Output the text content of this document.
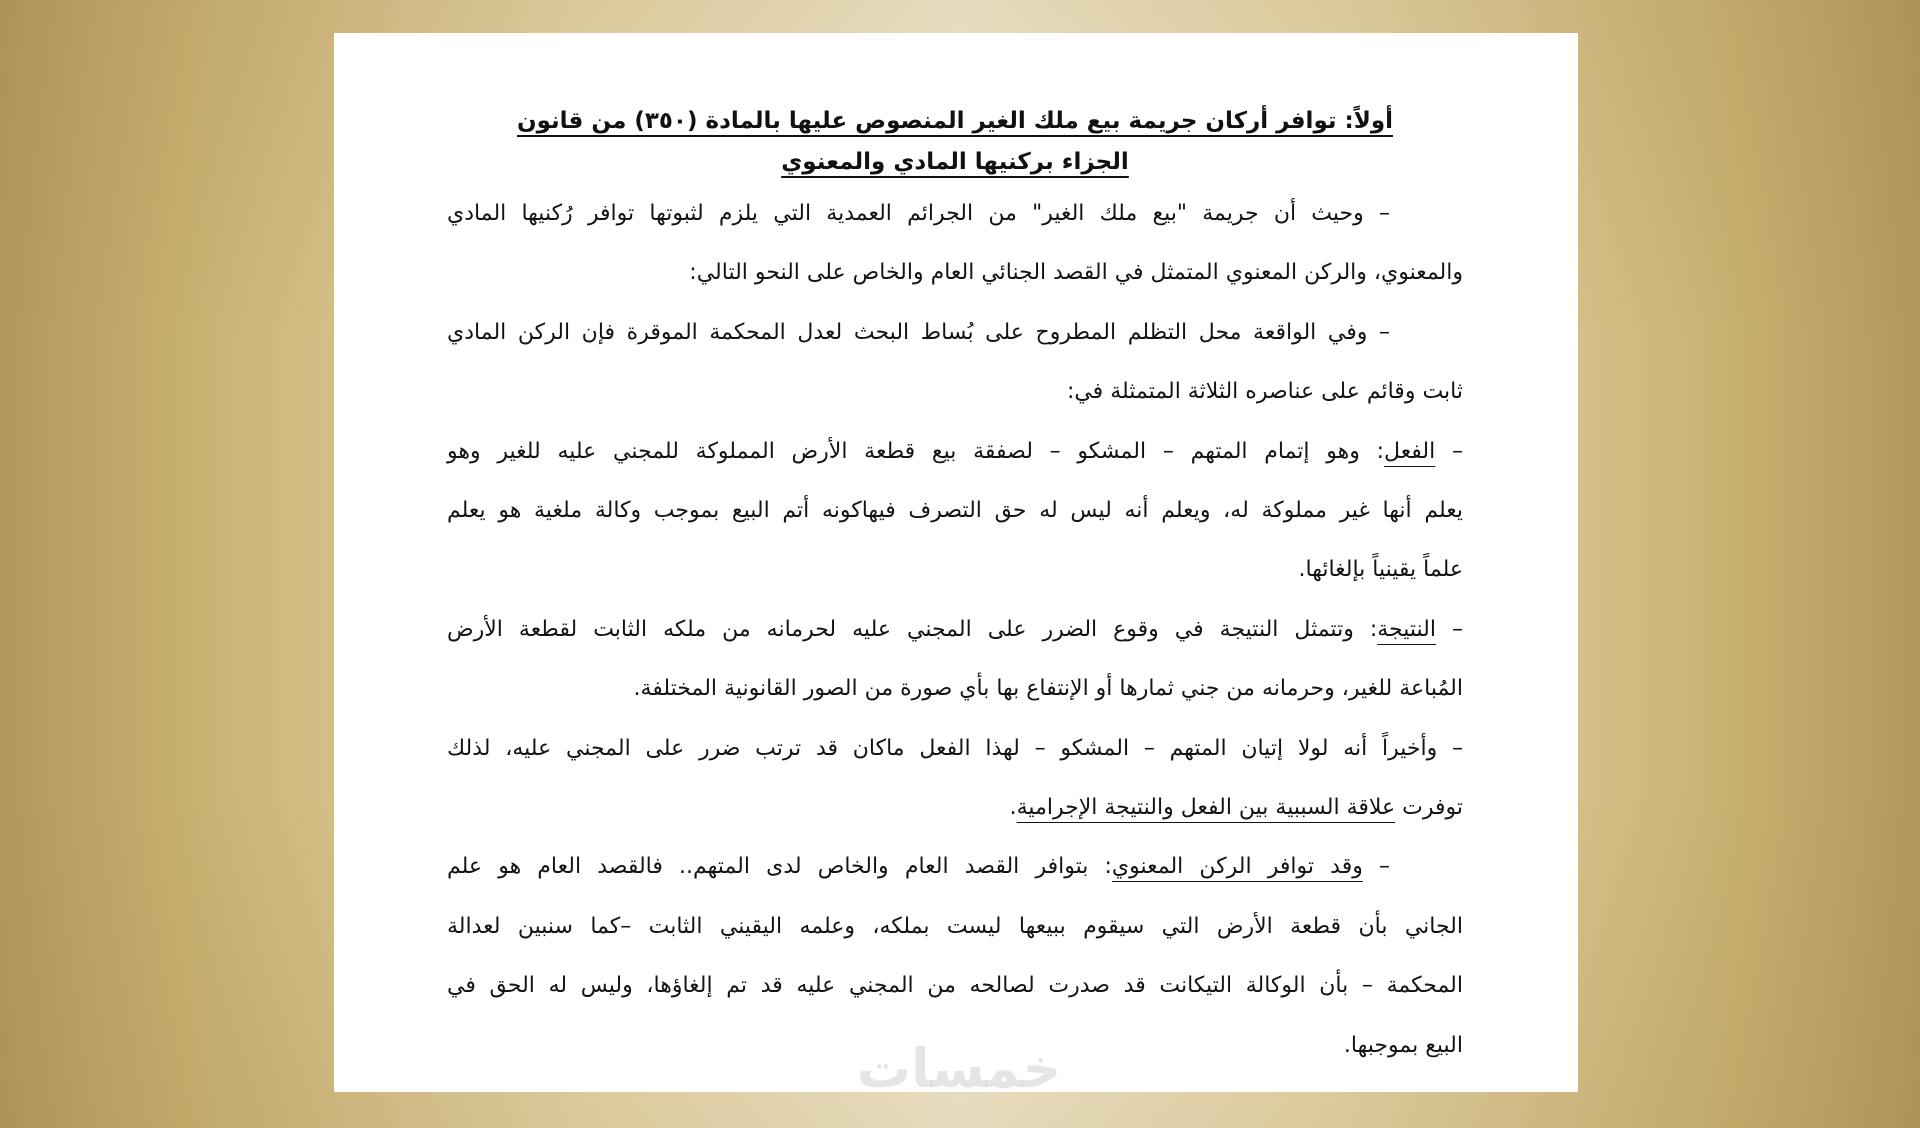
أولاً: توافر أركان جريمة بيع ملك الغير المنصوص عليها بالمادة (٣٥٠) من قانون
الجزاء بركنيها المادي والمعنوي
– وحيث أن جريمة "بيع ملك الغير" من الجرائم العمدية التي يلزم لثبوتها توافر رُكنيها المادي
والمعنوي، والركن المعنوي المتمثل في القصد الجنائي العام والخاص على النحو التالي:
– وفي الواقعة محل التظلم المطروح على بُساط البحث لعدل المحكمة الموقرة فإن الركن المادي
ثابت وقائم على عناصره الثلاثة المتمثلة في:
– الفعل: وهو إتمام المتهم – المشكو – لصفقة بيع قطعة الأرض المملوكة للمجني عليه للغير وهو
يعلم أنها غير مملوكة له، ويعلم أنه ليس له حق التصرف فيهاكونه أتم البيع بموجب وكالة ملغية هو يعلم
علماً يقينياً بإلغائها.
– النتيجة: وتتمثل النتيجة في وقوع الضرر على المجني عليه لحرمانه من ملكه الثابت لقطعة الأرض
المُباعة للغير، وحرمانه من جني ثمارها أو الإنتفاع بها بأي صورة من الصور القانونية المختلفة.
– وأخيراً أنه لولا إتيان المتهم – المشكو – لهذا الفعل ماكان قد ترتب ضرر على المجني عليه، لذلك
توفرت علاقة السببية بين الفعل والنتيجة الإجرامية.
– وقد توافر الركن المعنوي: بتوافر القصد العام والخاص لدى المتهم.. فالقصد العام هو علم
الجاني بأن قطعة الأرض التي سيقوم ببيعها ليست بملكه، وعلمه اليقيني الثابت –كما سنبين لعدالة
المحكمة – بأن الوكالة التيكانت قد صدرت لصالحه من المجني عليه قد تم إلغاؤها، وليس له الحق في
البيع بموجبها.
خمسات
